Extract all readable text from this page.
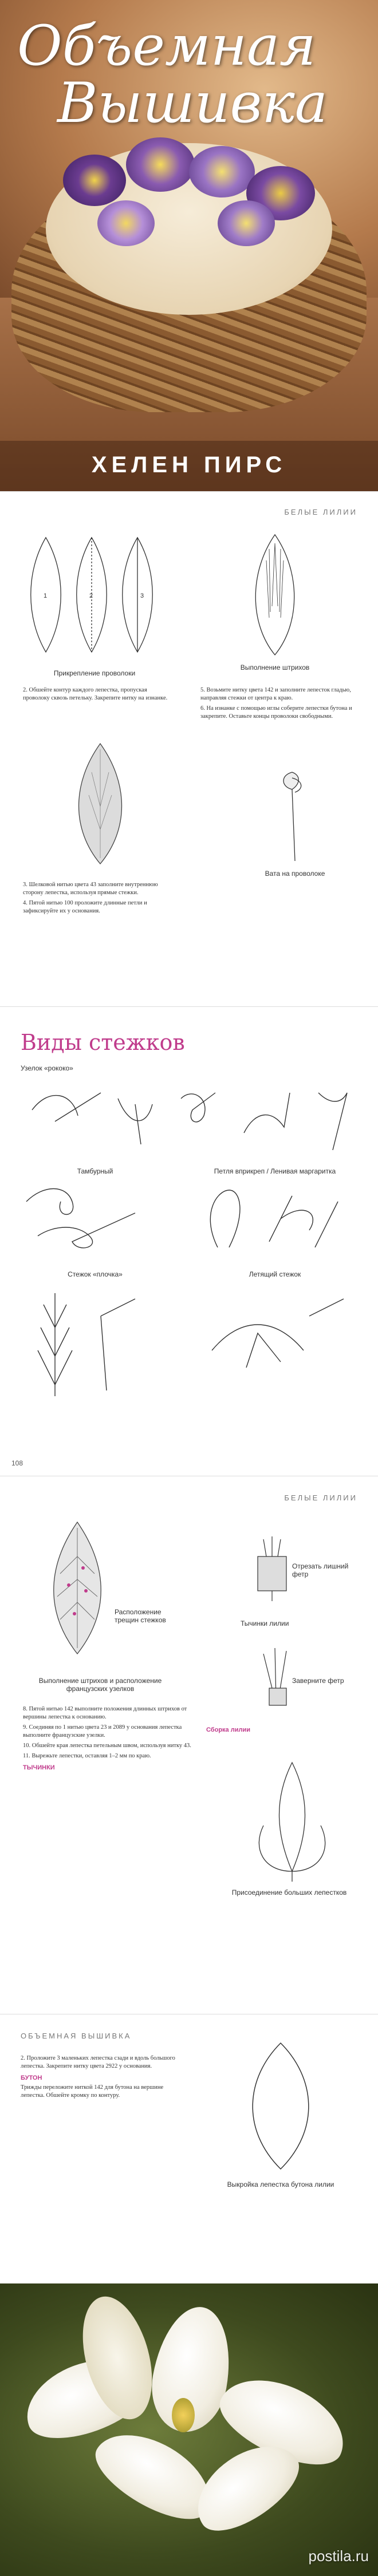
Объемная
Вышивка
ХЕЛЕН ПИРС
БЕЛЫЕ ЛИЛИИ
1	2	3
Прикрепление проволоки
Выполнение штрихов

2. Обшейте контур каждого лепестка, пропуская проволоку сквозь петельку. Закрепите нитку на изнанке.

5. Возьмите нитку цвета 142 и заполните лепесток гладью, направляя стежки от центра к краю.

6. На изнанке с помощью иглы соберите лепестки бутона и закрепите. Оставьте концы проволоки свободными.

Вата на проволоке

3. Шелковой нитью цвета 43 заполните внутреннюю сторону лепестка, используя прямые стежки.

4. Пятой нитью 100 проложите длинные петли и зафиксируйте их у основания.

Виды стежков
Узелок «рококо»
Тамбурный	Петля вприкреп / Ленивая маргаритка
Стежок «плочка»	Летящий стежок
108
БЕЛЫЕ ЛИЛИИ
Расположение трещин стежков
Выполнение штрихов и расположение французских узелков
Отрезать лишний фетр
Тычинки лилии
Заверните фетр

8. Пятой нитью 142 выполните положения длинных штрихов от вершины лепестка к основанию.

9. Соединяя по 1 нитью цвета 23 и 2089 у основания лепестка выполните французские узелки.

10. Обшейте края лепестка петельным швом, используя нитку 43.

11. Вырежьте лепестки, оставляя 1–2 мм по краю.

ТЫЧИНКИ
Сборка лилии
Присоединение больших лепестков
ОБЪЕМНАЯ ВЫШИВКА

2. Проложите 3 маленьких лепестка сзади и вдоль большого лепестка. Закрепите нитку цвета 2922 у основания.

БУТОН

Трижды переложите ниткой 142 для бутона на вершине лепестка. Обшейте кромку по контуру.

Выкройка лепестка бутона лилии
postila.ru
